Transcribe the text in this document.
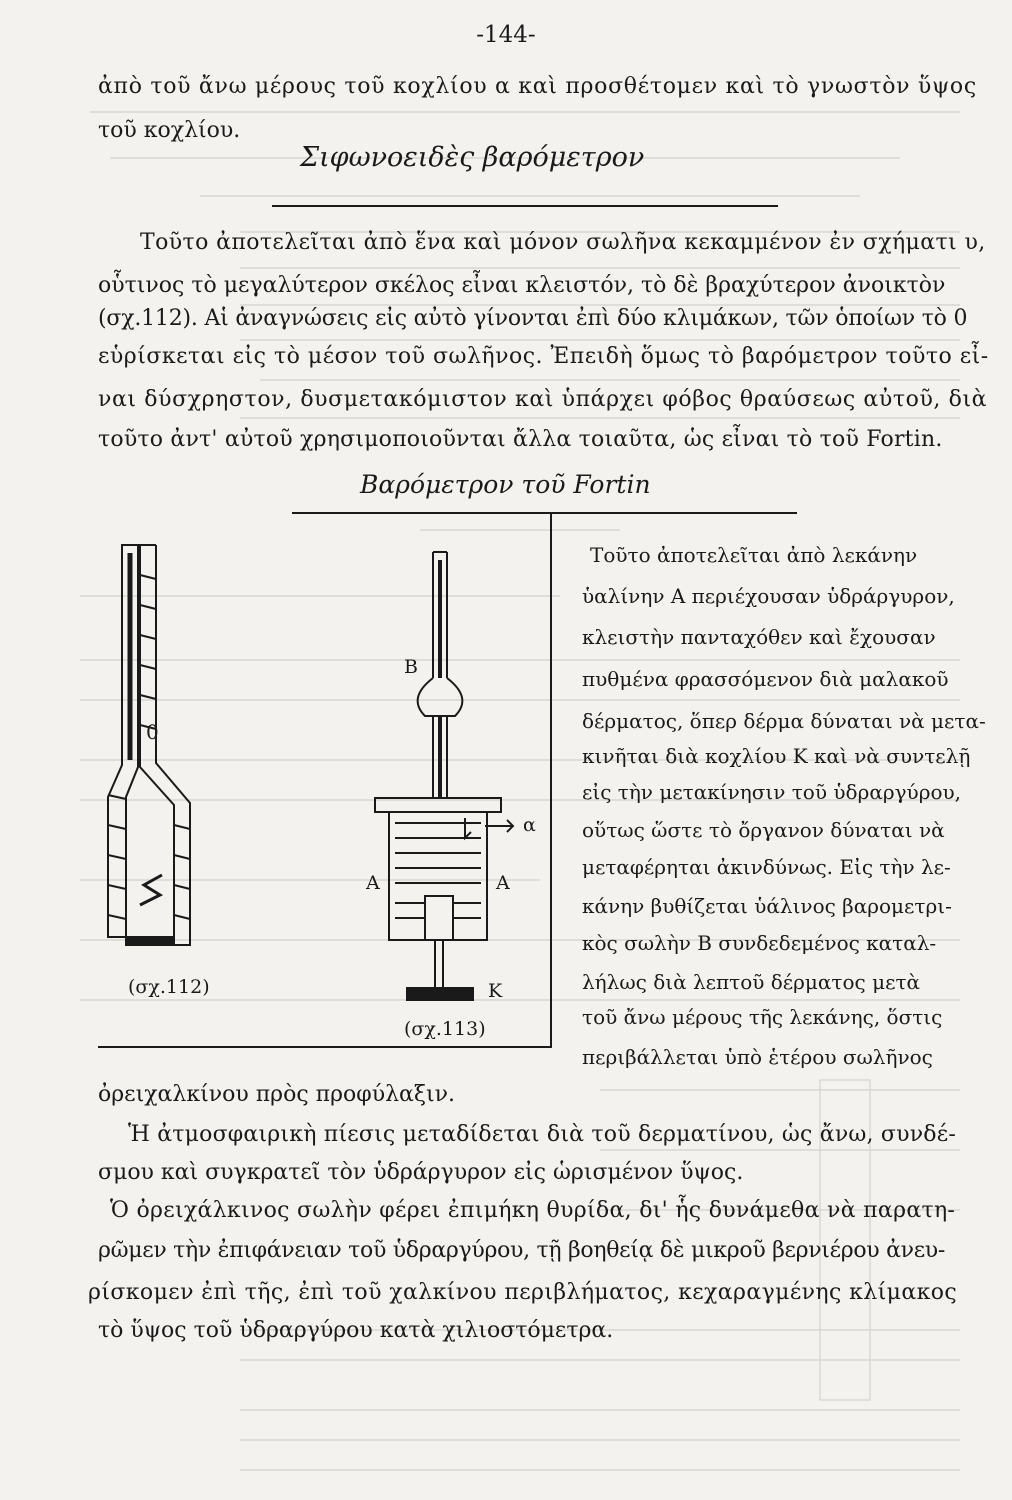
-144-
ἀπὸ τοῦ ἄνω μέρους τοῦ κοχλίου α καὶ προσθέτομεν καὶ τὸ γνωστὸν ὕψος
τοῦ κοχλίου.
Σιφωνοειδὲς βαρόμετρον
Τοῦτο ἀποτελεῖται ἀπὸ ἕνα καὶ μόνον σωλῆνα κεκαμμένον ἐν σχήματι υ,
οὗτινος τὸ μεγαλύτερον σκέλος εἶναι κλειστόν, τὸ δὲ βραχύτερον ἀνοικτὸν
(σχ.112). Αἱ ἀναγνώσεις εἰς αὐτὸ γίνονται ἐπὶ δύο κλιμάκων, τῶν ὁποίων τὸ 0
εὑρίσκεται εἰς τὸ μέσον τοῦ σωλῆνος. Ἐπειδὴ ὅμως τὸ βαρόμετρον τοῦτο εἶ-
ναι δύσχρηστον, δυσμετακόμιστον καὶ ὑπάρχει φόβος θραύσεως αὐτοῦ, διὰ
τοῦτο ἀντ' αὐτοῦ χρησιμοποιοῦνται ἄλλα τοιαῦτα, ὡς εἶναι τὸ τοῦ Fortin.
Βαρόμετρον τοῦ Fortin
0
(σχ.112)
B
A	A
K
α
(σχ.113)
Τοῦτο ἀποτελεῖται ἀπὸ λεκάνην
ὑαλίνην Α περιέχουσαν ὑδράργυρον,
κλειστὴν πανταχόθεν καὶ ἔχουσαν
πυθμένα φρασσόμενον διὰ μαλακοῦ
δέρματος, ὅπερ δέρμα δύναται νὰ μετα-
κινῆται διὰ κοχλίου Κ καὶ νὰ συντελῇ
εἰς τὴν μετακίνησιν τοῦ ὑδραργύρου,
οὕτως ὥστε τὸ ὄργανον δύναται νὰ
μεταφέρηται ἀκινδύνως. Εἰς τὴν λε-
κάνην βυθίζεται ὑάλινος βαρομετρι-
κὸς σωλὴν Β συνδεδεμένος καταλ-
λήλως διὰ λεπτοῦ δέρματος μετὰ
τοῦ ἄνω μέρους τῆς λεκάνης, ὅστις
περιβάλλεται ὑπὸ ἑτέρου σωλῆνος
ὀρειχαλκίνου πρὸς προφύλαξιν.
Ἡ ἀτμοσφαιρικὴ πίεσις μεταδίδεται διὰ τοῦ δερματίνου, ὡς ἄνω, συνδέ-
σμου καὶ συγκρατεῖ τὸν ὑδράργυρον εἰς ὡρισμένον ὕψος.
Ὁ ὀρειχάλκινος σωλὴν φέρει ἐπιμήκη θυρίδα, δι' ἧς δυνάμεθα νὰ παρατη-
ρῶμεν τὴν ἐπιφάνειαν τοῦ ὑδραργύρου, τῇ βοηθείᾳ δὲ μικροῦ βερνιέρου ἀνευ-
ρίσκομεν ἐπὶ τῆς, ἐπὶ τοῦ χαλκίνου περιβλήματος, κεχαραγμένης κλίμακος
τὸ ὕψος τοῦ ὑδραργύρου κατὰ χιλιοστόμετρα.
